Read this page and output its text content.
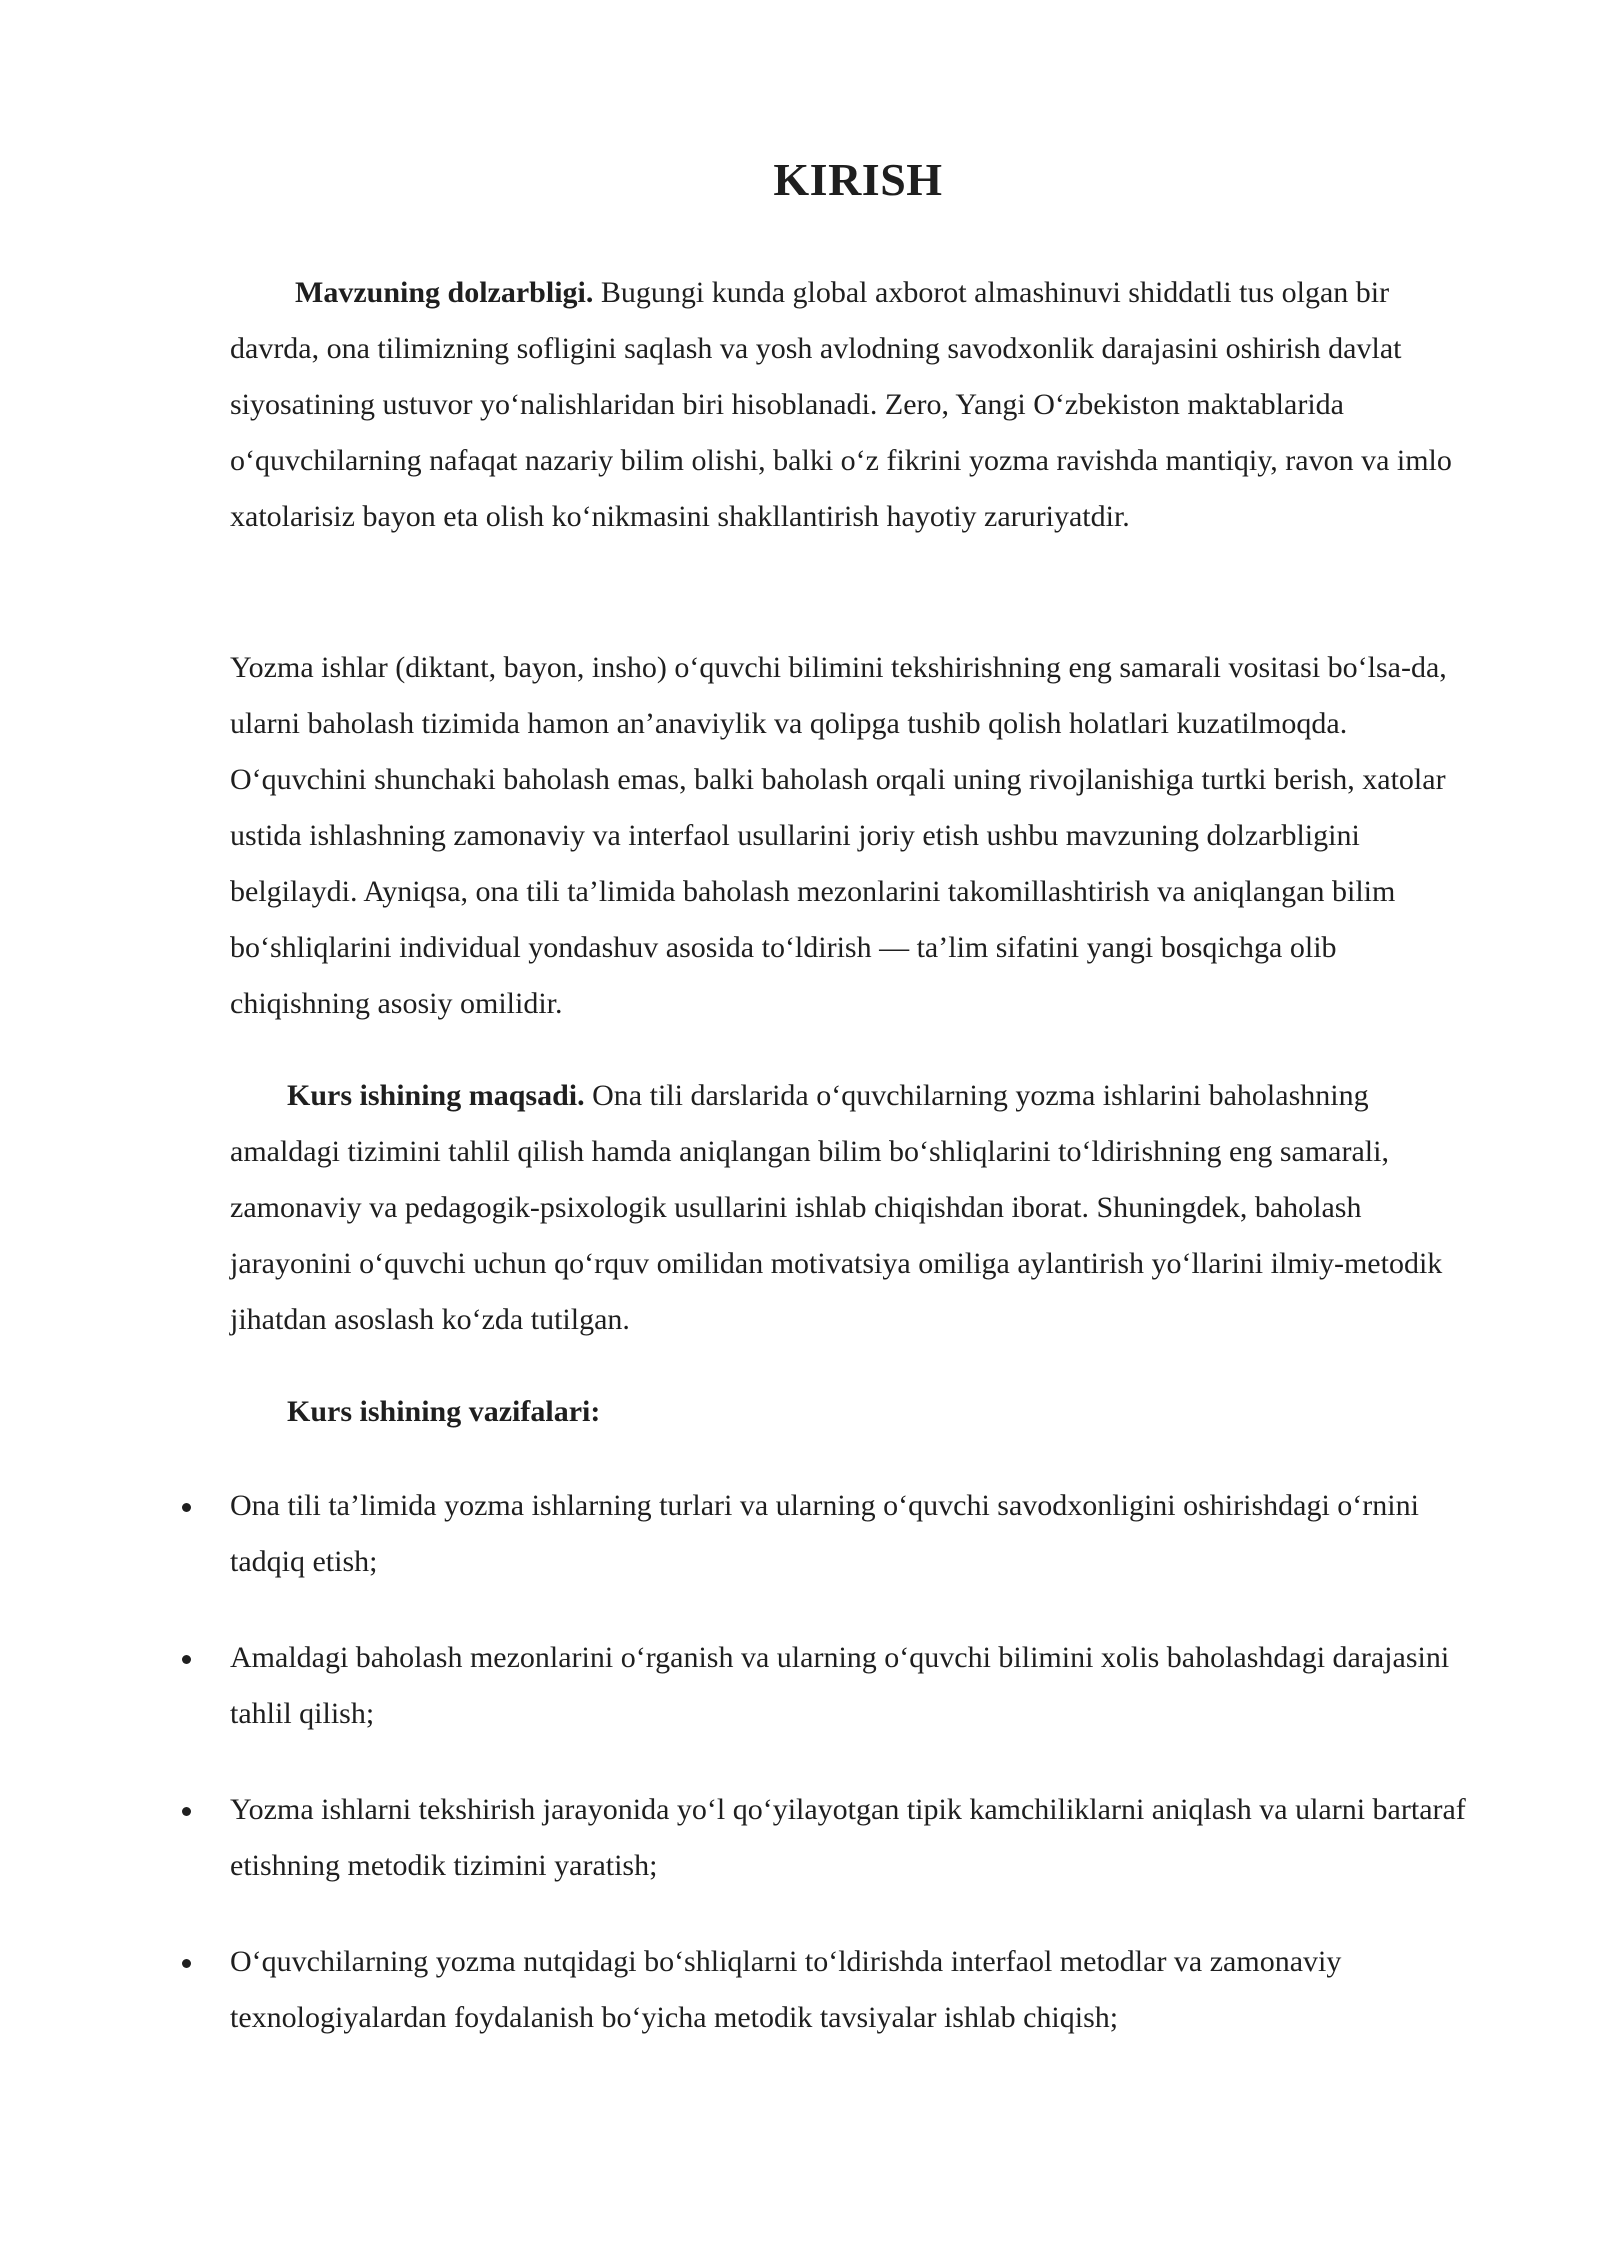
KIRISH
Mavzuning dolzarbligi. Bugungi kunda global axborot almashinuvi shiddatli tus olgan bir davrda, ona tilimizning sofligini saqlash va yosh avlodning savodxonlik darajasini oshirish davlat siyosatining ustuvor yo‘nalishlaridan biri hisoblanadi. Zero, Yangi O‘zbekiston maktablarida o‘quvchilarning nafaqat nazariy bilim olishi, balki o‘z fikrini yozma ravishda mantiqiy, ravon va imlo xatolarisiz bayon eta olish ko‘nikmasini shakllantirish hayotiy zaruriyatdir.
Yozma ishlar (diktant, bayon, insho) o‘quvchi bilimini tekshirishning eng samarali vositasi bo‘lsa-da, ularni baholash tizimida hamon an’anaviylik va qolipga tushib qolish holatlari kuzatilmoqda. O‘quvchini shunchaki baholash emas, balki baholash orqali uning rivojlanishiga turtki berish, xatolar ustida ishlashning zamonaviy va interfaol usullarini joriy etish ushbu mavzuning dolzarbligini belgilaydi. Ayniqsa, ona tili ta’limida baholash mezonlarini takomillashtirish va aniqlangan bilim bo‘shliqlarini individual yondashuv asosida to‘ldirish — ta’lim sifatini yangi bosqichga olib chiqishning asosiy omilidir.
Kurs ishining maqsadi. Ona tili darslarida o‘quvchilarning yozma ishlarini baholashning amaldagi tizimini tahlil qilish hamda aniqlangan bilim bo‘shliqlarini to‘ldirishning eng samarali, zamonaviy va pedagogik-psixologik usullarini ishlab chiqishdan iborat. Shuningdek, baholash jarayonini o‘quvchi uchun qo‘rquv omilidan motivatsiya omiliga aylantirish yo‘llarini ilmiy-metodik jihatdan asoslash ko‘zda tutilgan.
Kurs ishining vazifalari:
Ona tili ta’limida yozma ishlarning turlari va ularning o‘quvchi savodxonligini oshirishdagi o‘rnini tadqiq etish;
Amaldagi baholash mezonlarini o‘rganish va ularning o‘quvchi bilimini xolis baholashdagi darajasini tahlil qilish;
Yozma ishlarni tekshirish jarayonida yo‘l qo‘yilayotgan tipik kamchiliklarni aniqlash va ularni bartaraf etishning metodik tizimini yaratish;
O‘quvchilarning yozma nutqidagi bo‘shliqlarni to‘ldirishda interfaol metodlar va zamonaviy texnologiyalardan foydalanish bo‘yicha metodik tavsiyalar ishlab chiqish;
